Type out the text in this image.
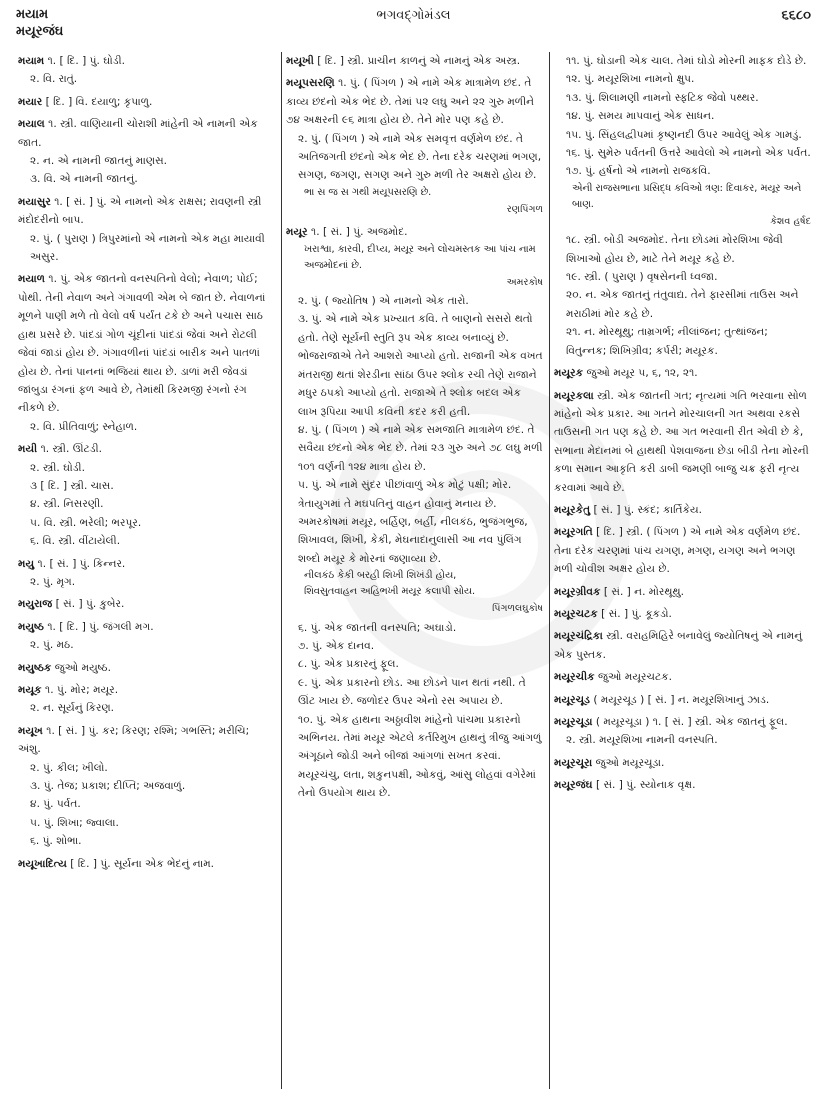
મયામ
મયૂરજંઘ
ભગવદ્ગોમંડલ	૬૬૮૦
મયામ ૧. [ દિ. ] પું. ઘોડી.
૨. વિ. રાતું.
મયાર [ દિ. ] વિ. દયાળુ; કૃપાળુ.
મયાલ ૧. સ્ત્રી. વાણિયાની ચોરાશી માંહેની એ નામની એક જાત.
૨. ન. એ નામની જાતનું માણસ.
૩. વિ. એ નામની જાતનું.
મયાસુર ૧. [ સં. ] પું. એ નામનો એક રાક્ષસ; રાવણની સ્ત્રી મંદોદરીનો બાપ.
૨. પું. ( પુરાણ ) ત્રિપુરમાંનો એ નામનો એક મહા માયાવી અસુર.
મયાળ ૧. પું. એક જાતનો વનસ્પતિનો વેલો; નેવાળ; પોઈ; પોથી. તેની નેવાળ અને ગંગાવળી એમ બે જાત છે. નેવાળનાં મૂળને પાણી મળે તો વેલો વર્ષ પર્યંત ટકે છે અને પચાસ સાઠ હાથ પ્રસરે છે. પાંદડાં ગોળ ચૂંદીનાં પાંદડાં જેવાં અને રોટલી જેવાં જાડાં હોય છે. ગંગાવળીનાં પાંદડાં બારીક અને પાતળાં હોય છે. તેનાં પાનનાં ભજિયાં થાય છે. ડાળાં મરી જેવડાં જાંબુડા રંગનાં ફળ આવે છે, તેમાંથી કિરમજી રંગનો રંગ નીકળે છે.
૨. વિ. પ્રીતિવાળું; સ્નેહાળ.
મયી ૧. સ્ત્રી. ઊંટડી.
૨. સ્ત્રી. ઘોડી.
૩ [ દિ. ] સ્ત્રી. ચાસ.
૪. સ્ત્રી. નિસરણી.
૫. વિ. સ્ત્રી. ભરેલી; ભરપૂર.
૬. વિ. સ્ત્રી. વીંટાયેલી.
મયુ ૧. [ સં. ] પું. કિન્નર.
૨. પું. મૃગ.
મયુરાજ [ સં. ] પું. કુબેર.
મયુષ્ઠ ૧. [ દિ. ] પું. જંગલી મગ.
૨. પું. મઠ.
મયુષ્ઠક જુઓ મયુષ્ઠ.
મયૂક ૧. પું. મોર; મયૂર.
૨. ન. સૂર્યનું કિરણ.
મયૂખ ૧. [ સં. ] પું. કર; કિરણ; રશ્મિ; ગભસ્તિ; મરીચિ; અંશુ.
૨. પું. કીલ; ખીલો.
૩. પું. તેજ; પ્રકાશ; દીપ્તિ; અજવાળું.
૪. પું. પર્વત.
૫. પું. શિખા; જ્વાલા.
૬. પું. શોભા.
મયૂખાદિત્ય [ દિ. ] પું. સૂર્યના એક ભેદનું નામ.
મયૂખી [ દિ. ] સ્ત્રી. પ્રાચીન કાળનું એ નામનું એક અસ્ત્ર.
મયૂપસરણિ ૧. પું. ( પિંગળ ) એ નામે એક માત્રામેળ છંદ. તે કાવ્ય છંદનો એક ભેદ છે. તેમાં ૫૨ લઘુ અને ૨૨ ગુરુ મળીને ૭૪ અક્ષરની ૯૬ માત્રા હોય છે. તેને મોર પણ કહે છે.
૨. પું. ( પિંગળ ) એ નામે એક સમવૃત્ત વર્ણમેળ છંદ. તે અતિજગતી છંદનો એક ભેદ છે. તેના દરેક ચરણમાં ભગણ, સગણ, જગણ, સગણ અને ગુરુ મળી તેર અક્ષરો હોય છે.
ભા સ જ સ ગથી મયૂપસરણિ છે.
રણપિંગળ
મયૂર ૧. [ સં. ] પું. અજમોદ.
ખરાશ્વા, કારવી, દીપ્ય, મયૂર અને લોચમસ્તક આ પાંચ નામ અજમોદનાં છે.
અમરકોષ
૨. પું. ( જ્યોતિષ ) એ નામનો એક તારો.
૩. પું. એ નામે એક પ્રખ્યાત કવિ. તે બાણનો સસરો થતો હતો. તેણે સૂર્યની સ્તુતિ રૂપ એક કાવ્ય બનાવ્યું છે. ભોજરાજાએ તેને આશરો આપ્યો હતો. રાજાની એક વખત મંતરાજી થતાં શેરડીના સાંઠા ઉપર શ્લોક રચી તેણે રાજાને મધુર ઠપકો આપ્યો હતો. રાજાએ તે શ્લોક બદલ એક લાખ રૂપિયા આપી કવિની કદર કરી હતી.
૪. પું. ( પિંગળ ) એ નામે એક સમજાતિ માત્રામેળ છંદ. તે સવૈયા છંદનો એક ભેદ છે. તેમાં ૨૩ ગુરુ અને ૭૮ લઘુ મળી ૧૦૧ વર્ણની ૧૨૪ માત્રા હોય છે.
૫. પું. એ નામે સુંદર પીછાંવાળું એક મોટું પક્ષી; મોર. ત્રેતાયુગમાં તે મઘપતિનું વાહન હોવાનું મનાય છે. અમરકોષમાં મયૂર, બર્હિણ, બર્હી, નીલકંઠ, ભુજંગભુજ, શિખાવલ, શિખી, કેકી, મેઘનાદાનુલાસી આ નવ પુંલિંગ શબ્દો મયૂર કે મોરનાં જણાવ્યા છે.
નીલકંઠ કેકી બરહી શિખી શિખંડી હોય,
શિવસુતવાહન અહિભખી મયૂર કલાપી સોય.
પિંગળલઘુકોષ
૬. પું. એક જાતની વનસ્પતિ; અઘાડો.
૭. પું. એક દાનવ.
૮. પું. એક પ્રકારનું ફૂલ.
૯. પું. એક પ્રકારનો છોડ. આ છોડને પાન થતાં નથી. તે ઊંટ ખાય છે. જળોદર ઉપર એનો રસ અપાય છે.
૧૦. પું. એક હાથના અઠ્ઠાવીશ માંહેનો પાંચમા પ્રકારનો અભિનય. તેમાં મયૂર એટલે કર્તરિમુખ હાથનું ત્રીજુ આંગળું અંગૂઠાને જોડી અને બીજાં આંગળાં સખત કરવાં. મયૂરચંચુ, લતા, શકુનપક્ષી, ઓકવું, આંસુ લોહવાં વગેરેમાં તેનો ઉપયોગ થાય છે.
૧૧. પું. ઘોડાની એક ચાલ. તેમાં ઘોડો મોરની માફક દોડે છે.
૧૨. પું. મયૂરશિખા નામનો ક્ષુપ.
૧૩. પું. શિલામણી નામનો સ્ફટિક જેવો પથ્થર.
૧૪. પું. સમય માપવાનું એક સાધન.
૧૫. પું. સિંહલદ્વીપમાં કૃષ્ણનદી ઉપર આવેલું એક ગામડું.
૧૬. પું. સુમેરુ પર્વતની ઉત્તરે આવેલો એ નામનો એક પર્વત.
૧૭. પું. હર્ષનો એ નામનો રાજકવિ.
એની રાજસભાના પ્રસિદ્ધ કવિઓ ત્રણ: દિવાકર, મયૂર અને બાણ.
કેશવ હર્ષદ
૧૮. સ્ત્રી. બોડી અજમોદ. તેના છોડમાં મોરશિખા જેવી શિખાઓ હોય છે, માટે તેને મયૂર કહે છે.
૧૯. સ્ત્રી. ( પુરાણ ) વૃષસેનની ધ્વજા.
૨૦. ન. એક જાતનું તંતુવાદ્ય. તેને ફારસીમાં તાઉસ અને મરાઠીમાં મોર કહે છે.
૨૧. ન. મોરથૂથુ; તામ્રગર્ભ; નીલાંજન; તુત્થાંજન; વિતુન્નક; શિખિગ્રીવ; કર્પરી; મયૂરક.
મયૂરક જુઓ મયૂર ૫, ૬, ૧૨, ૨૧.
મયૂરકલા સ્ત્રી. એક જાતની ગત; નૃત્યમાં ગતિ ભરવાના સોળ માંહેનો એક પ્રકાર. આ ગતને મોરચાલની ગત અથવા રકસે તાઉસની ગત પણ કહે છે. આ ગત ભરવાની રીત એવી છે કે, સભાના મેદાનમાં બે હાથથી પેશવાજના છેડા બીડી તેના મોરની કળા સમાન આકૃતિ કરી ડાબી જમણી બાજુ ચક્ર ફરી નૃત્ય કરવામાં આવે છે.
મયૂરકેતુ [ સં. ] પું. સ્કંદ; કાર્તિકેય.
મયૂરગતિ [ દિ. ] સ્ત્રી. ( પિંગળ ) એ નામે એક વર્ણમેળ છંદ. તેના દરેક ચરણમાં પાંચ યગણ, મગણ, યગણ અને ભગણ મળી ચોવીશ અક્ષર હોય છે.
મયૂરગ્રીવક [ સં. ] ન. મોરથૂથુ.
મયૂરચટક [ સં. ] પું. કૂકડો.
મયૂરચંદ્રિકા સ્ત્રી. વરાહમિહિરે બનાવેલું જ્યોતિષનું એ નામનું એક પુસ્તક.
મયૂરચીક જુઓ મયૂરચટક.
મયૂરચૂડ ( મયૂરચૂડ ) [ સં. ] ન. મયૂરશિખાનું ઝાડ.
મયૂરચૂડા ( મયૂરચૂડા ) ૧. [ સં. ] સ્ત્રી. એક જાતનું ફૂલ.
૨. સ્ત્રી. મયૂરશિખા નામની વનસ્પતિ.
મયૂરચૂરા જુઓ મયૂરચૂડા.
મયૂરજંઘ [ સં. ] પું. સ્યોનાક વૃક્ષ.
